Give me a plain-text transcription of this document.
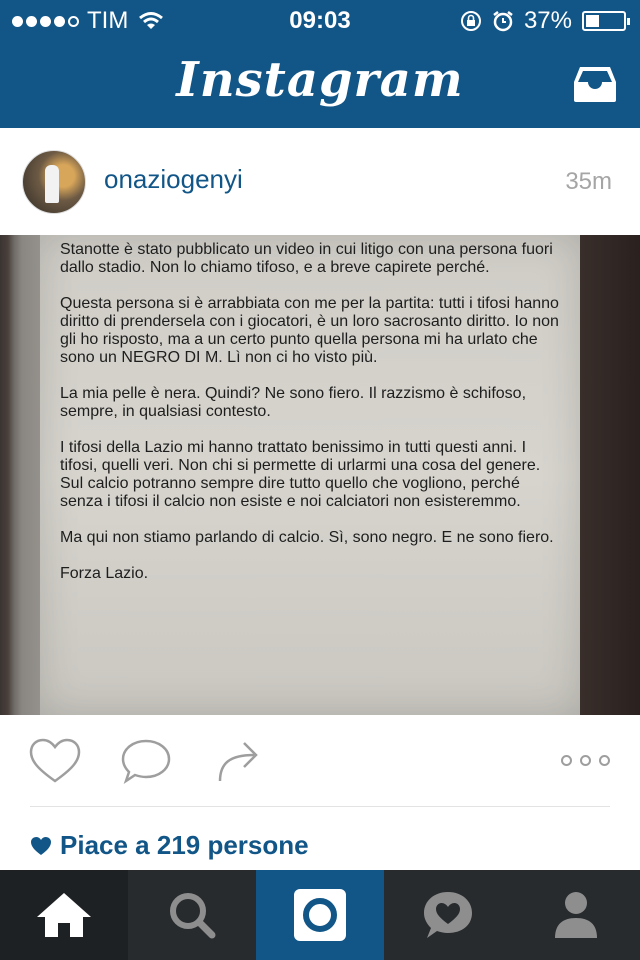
TIM	09:03	37%
Instagram
onaziogenyi	35m

Stanotte è stato pubblicato un video in cui litigo con una persona fuori dallo stadio. Non lo chiamo tifoso, e a breve capirete perché.

Questa persona si è arrabbiata con me per la partita: tutti i tifosi hanno diritto di prendersela con i giocatori, è un loro sacrosanto diritto. Io non gli ho risposto, ma a un certo punto quella persona mi ha urlato che sono un NEGRO DI M. Lì non ci ho visto più.

La mia pelle è nera. Quindi? Ne sono fiero. Il razzismo è schifoso, sempre, in qualsiasi contesto.

I tifosi della Lazio mi hanno trattato benissimo in tutti questi anni. I tifosi, quelli veri. Non chi si permette di urlarmi una cosa del genere. Sul calcio potranno sempre dire tutto quello che vogliono, perché senza i tifosi il calcio non esiste e noi calciatori non esisteremmo.

Ma qui non stiamo parlando di calcio. Sì, sono negro. E ne sono fiero.

Forza Lazio.

Piace a 219 persone
